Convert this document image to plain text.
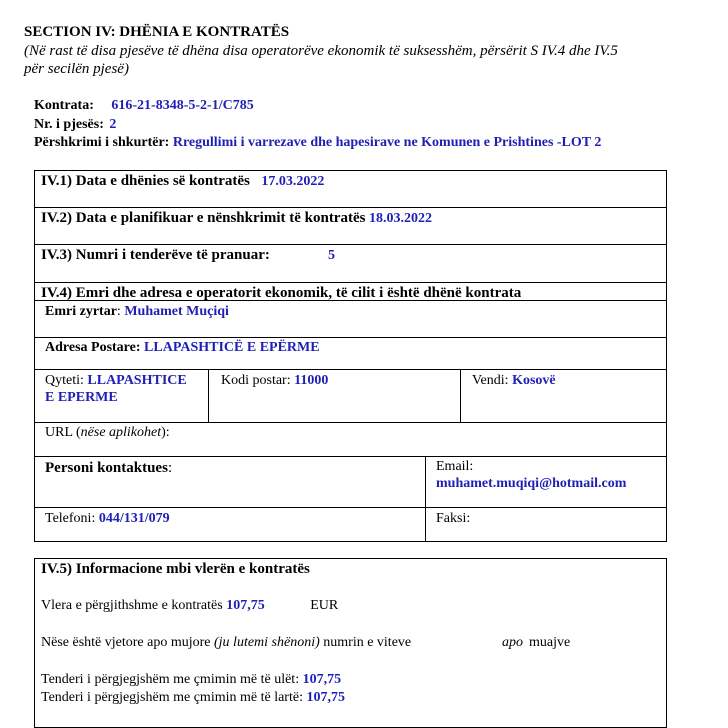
SECTION IV: DHËNIA E KONTRATËS
(Në rast të disa pjesëve të dhëna disa operatorëve ekonomik të suksesshëm, përsërit S IV.4 dhe IV.5
për secilën pjesë)
Kontrata: 616-21-8348-5-2-1/C785
Nr. i pjesës: 2
Përshkrimi i shkurtër: Rregullimi i varrezave dhe hapesirave ne Komunen e Prishtines -LOT 2
IV.1) Data e dhënies së kontratës 17.03.2022
IV.2) Data e planifikuar e nënshkrimit të kontratës 18.03.2022
IV.3) Numri i tenderëve të pranuar:	5
IV.4) Emri dhe adresa e operatorit ekonomik, të cilit i është dhënë kontrata
Emri zyrtar: Muhamet Muçiqi
Adresa Postare: LLAPASHTICË E EPËRME
Qyteti: LLAPASHTICE
E EPERME
Kodi postar: 11000	Vendi: Kosovë
URL (nëse aplikohet):
Personi kontaktues:	Email:
muhamet.muqiqi@hotmail.com
Telefoni: 044/131/079	Faksi:
IV.5) Informacione mbi vlerën e kontratës
Vlera e përgjithshme e kontratës 107,75	EUR
Nëse është vjetore apo mujore (ju lutemi shënoni) numrin e viteve	apo muajve
Tenderi i përgjegjshëm me çmimin më të ulët: 107,75
Tenderi i përgjegjshëm me çmimin më të lartë: 107,75
